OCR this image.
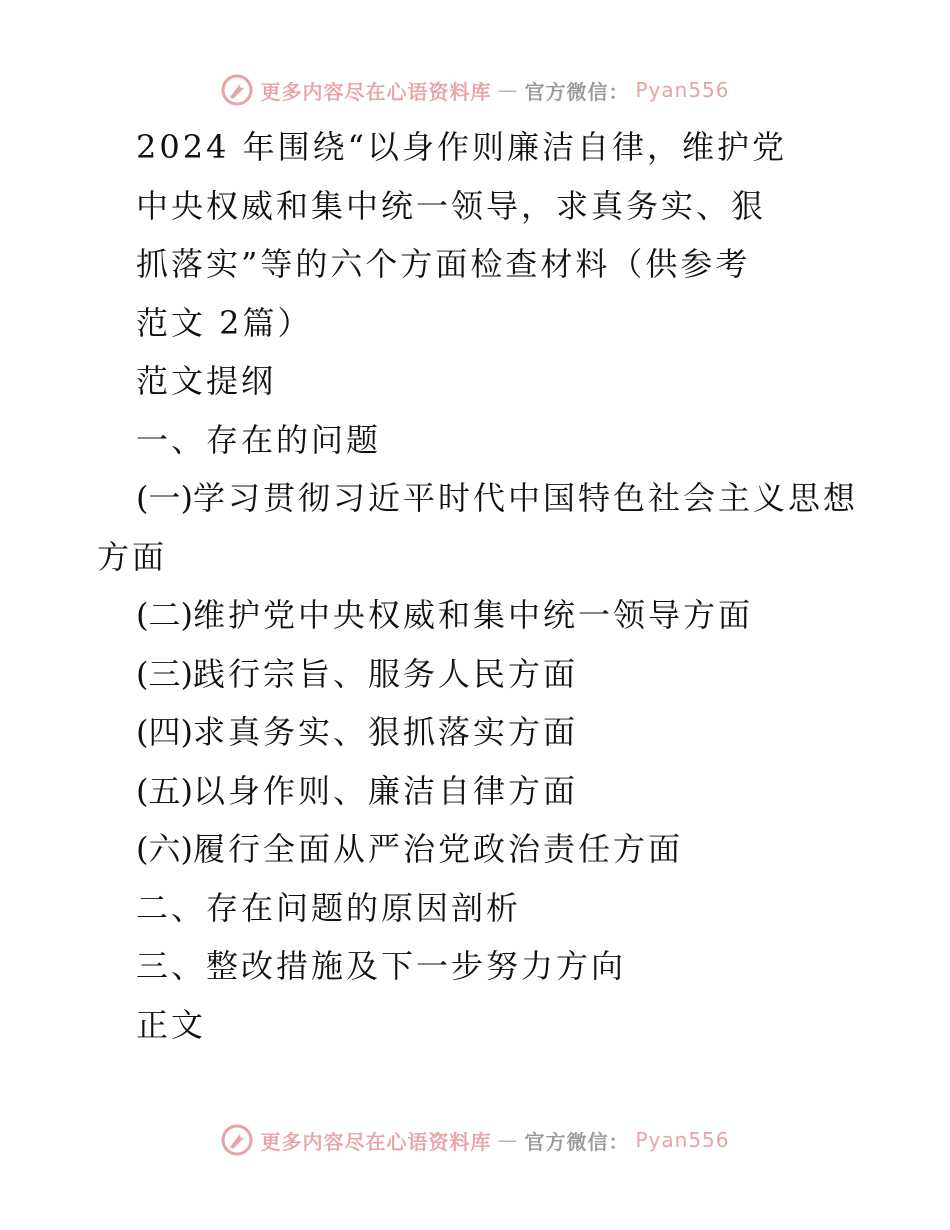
更多内容尽在心语资料库 — 官方微信： Pyan556
2024 年围绕“以身作则廉洁自律，维护党
中央权威和集中统一领导，求真务实、狠
抓落实”等的六个方面检查材料（供参考
范文 2篇）
范文提纲
一、存在的问题
(一)学习贯彻习近平时代中国特色社会主义思想
方面
(二)维护党中央权威和集中统一领导方面
(三)践行宗旨、服务人民方面
(四)求真务实、狠抓落实方面
(五)以身作则、廉洁自律方面
(六)履行全面从严治党政治责任方面
二、存在问题的原因剖析
三、整改措施及下一步努力方向
正文
更多内容尽在心语资料库 — 官方微信： Pyan556
